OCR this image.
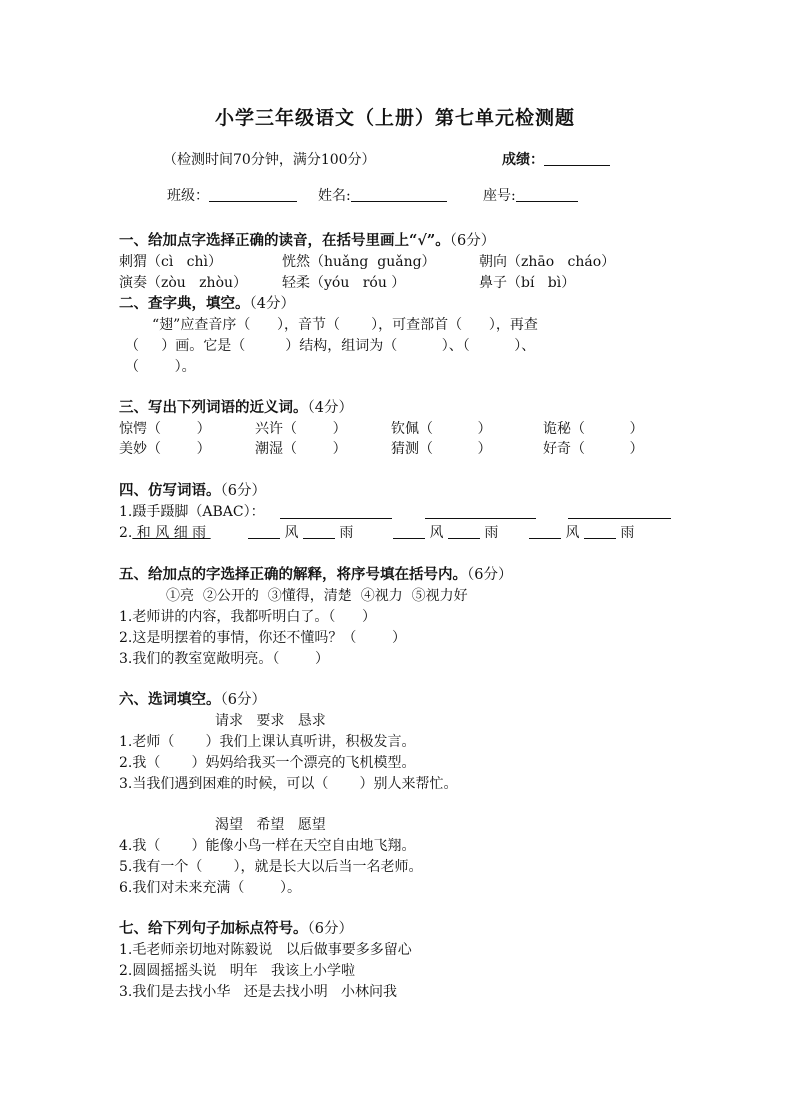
小学三年级语文（上册）第七单元检测题
（检测时间70分钟，满分100分）	成绩：
班级：	姓名:	座号:
一、给加点字选择正确的读音，在括号里画上“√”。（6分）
刺猬（cì   chì）	恍然（huǎng  guǎng）	朝向（zhāo   cháo）
演奏（zòu   zhòu） 轻柔（yóu   róu ）	鼻子（bí   bì）
二、查字典，填空。（4分）
“翅”应查音序（      ），音节（       ），可查部首（      ），再查
（     ）画。它是（         ）结构，组词为（          ）、（          ）、
（        ）。
三、写出下列词语的近义词。（4分）
惊愕（        ）	兴许（        ）	钦佩（          ）	诡秘（          ）
美妙（        ）	潮湿（        ）	猜测（          ）	好奇（          ）
四、仿写词语。（6分）
1.蹑手蹑脚（ABAC）：
2. 和 风 细 雨	风	雨	风	雨	风	雨
五、给加点的字选择正确的解释，将序号填在括号内。（6分）
①亮  ②公开的  ③懂得，清楚  ④视力  ⑤视力好
1.老师讲的内容，我都听明白了。（      ）
2.这是明摆着的事情，你还不懂吗？（        ）
3.我们的教室宽敞明亮。（        ）
六、选词填空。（6分）
请求   要求   恳求
1.老师（       ）我们上课认真听讲，积极发言。
2.我（       ）妈妈给我买一个漂亮的飞机模型。
3.当我们遇到困难的时候，可以（       ）别人来帮忙。
渴望   希望   愿望
4.我（       ）能像小鸟一样在天空自由地飞翔。
5.我有一个（       ），就是长大以后当一名老师。
6.我们对未来充满（        ）。
七、给下列句子加标点符号。（6分）
1.毛老师亲切地对陈毅说   以后做事要多多留心
2.圆圆摇摇头说   明年   我该上小学啦
3.我们是去找小华   还是去找小明   小林问我
